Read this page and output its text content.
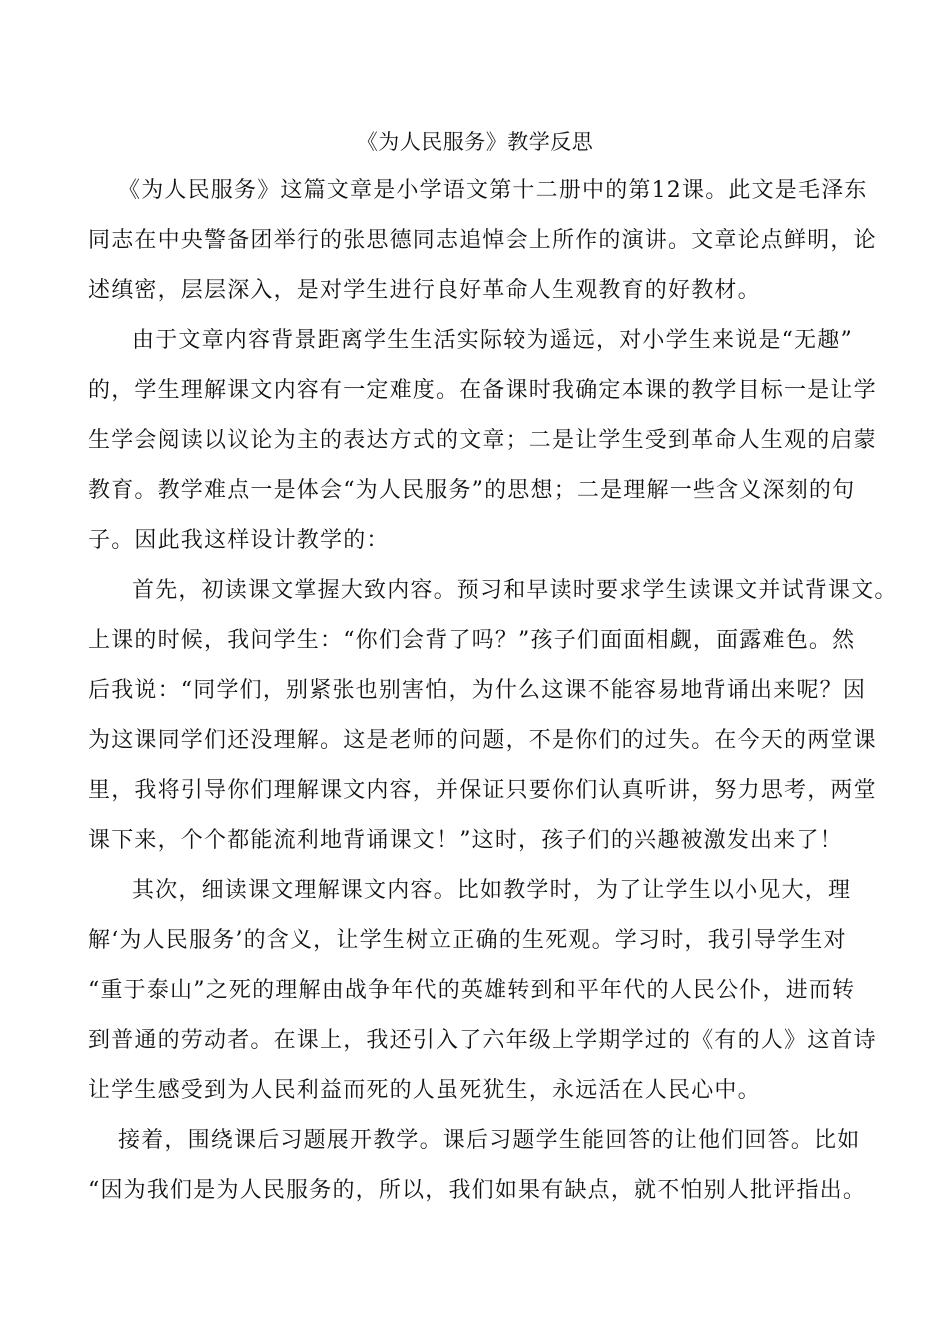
《为人民服务》教学反思
《为人民服务》这篇文章是小学语文第十二册中的第12课。此文是毛泽东
同志在中央警备团举行的张思德同志追悼会上所作的演讲。文章论点鲜明，论
述缜密，层层深入，是对学生进行良好革命人生观教育的好教材。
由于文章内容背景距离学生生活实际较为遥远，对小学生来说是“无趣”
的，学生理解课文内容有一定难度。在备课时我确定本课的教学目标一是让学
生学会阅读以议论为主的表达方式的文章；二是让学生受到革命人生观的启蒙
教育。教学难点一是体会“为人民服务”的思想；二是理解一些含义深刻的句
子。因此我这样设计教学的：
首先，初读课文掌握大致内容。预习和早读时要求学生读课文并试背课文。
上课的时候，我问学生：“你们会背了吗？”孩子们面面相觑，面露难色。然
后我说：“同学们，别紧张也别害怕，为什么这课不能容易地背诵出来呢？因
为这课同学们还没理解。这是老师的问题，不是你们的过失。在今天的两堂课
里，我将引导你们理解课文内容，并保证只要你们认真听讲，努力思考，两堂
课下来，个个都能流利地背诵课文！”这时，孩子们的兴趣被激发出来了！
其次，细读课文理解课文内容。比如教学时，为了让学生以小见大，理
解‘为人民服务’的含义，让学生树立正确的生死观。学习时，我引导学生对
“重于泰山”之死的理解由战争年代的英雄转到和平年代的人民公仆，进而转
到普通的劳动者。在课上，我还引入了六年级上学期学过的《有的人》这首诗
让学生感受到为人民利益而死的人虽死犹生，永远活在人民心中。
接着，围绕课后习题展开教学。课后习题学生能回答的让他们回答。比如
“因为我们是为人民服务的，所以，我们如果有缺点，就不怕别人批评指出。
